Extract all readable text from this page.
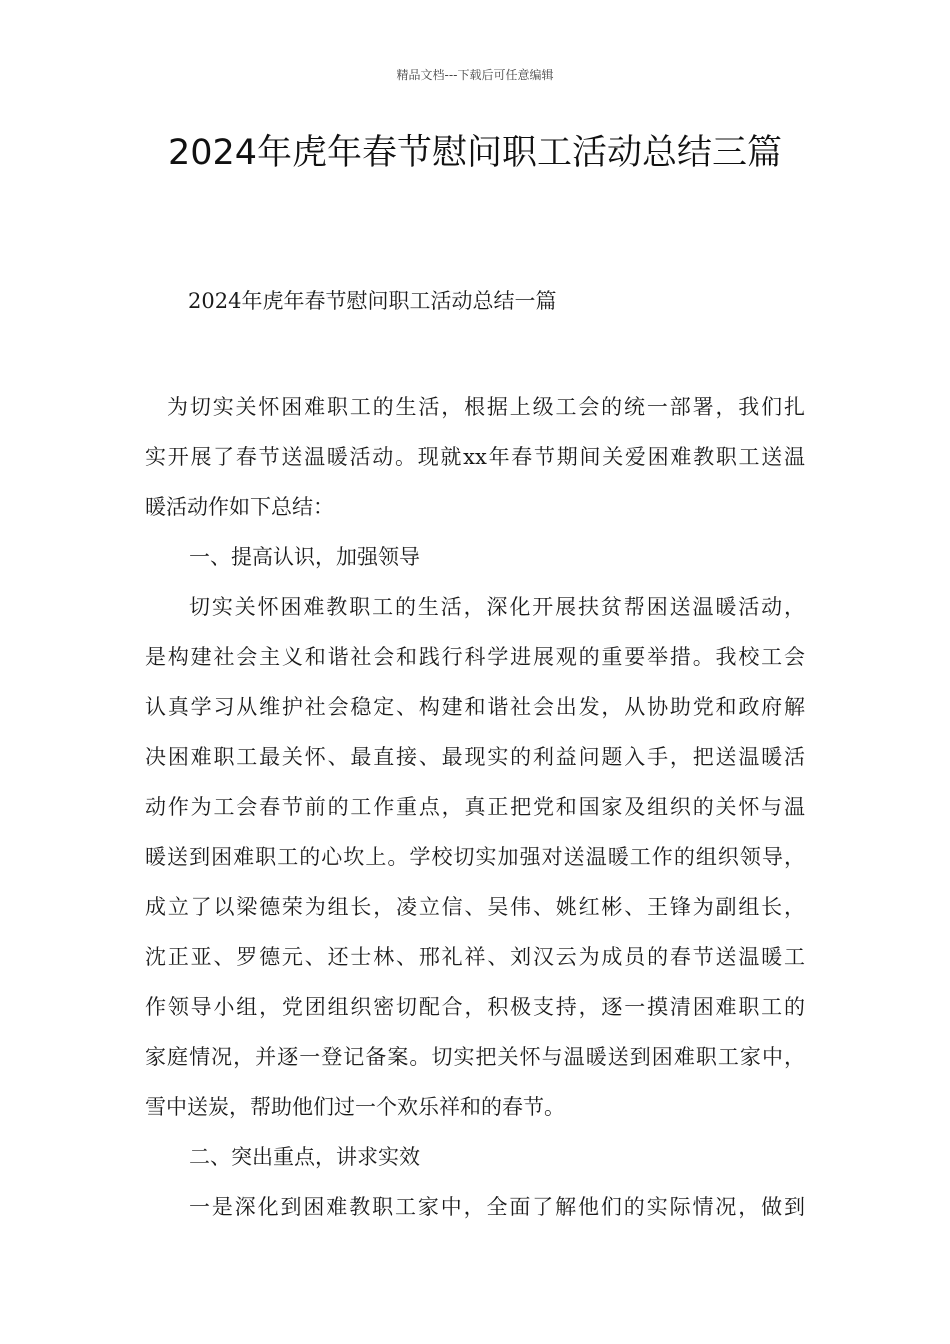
精品文档---下载后可任意编辑
2024年虎年春节慰问职工活动总结三篇
2024年虎年春节慰问职工活动总结一篇
为切实关怀困难职工的生活，根据上级工会的统一部署，我们扎
实开展了春节送温暖活动。现就xx年春节期间关爱困难教职工送温
暖活动作如下总结：
一、提高认识，加强领导
切实关怀困难教职工的生活，深化开展扶贫帮困送温暖活动，
是构建社会主义和谐社会和践行科学进展观的重要举措。我校工会
认真学习从维护社会稳定、构建和谐社会出发，从协助党和政府解
决困难职工最关怀、最直接、最现实的利益问题入手，把送温暖活
动作为工会春节前的工作重点，真正把党和国家及组织的关怀与温
暖送到困难职工的心坎上。学校切实加强对送温暖工作的组织领导，
成立了以梁德荣为组长，凌立信、吴伟、姚红彬、王锋为副组长，
沈正亚、罗德元、还士林、邢礼祥、刘汉云为成员的春节送温暖工
作领导小组，党团组织密切配合，积极支持，逐一摸清困难职工的
家庭情况，并逐一登记备案。切实把关怀与温暖送到困难职工家中，
雪中送炭，帮助他们过一个欢乐祥和的春节。
二、突出重点，讲求实效
一是深化到困难教职工家中，全面了解他们的实际情况，做到
